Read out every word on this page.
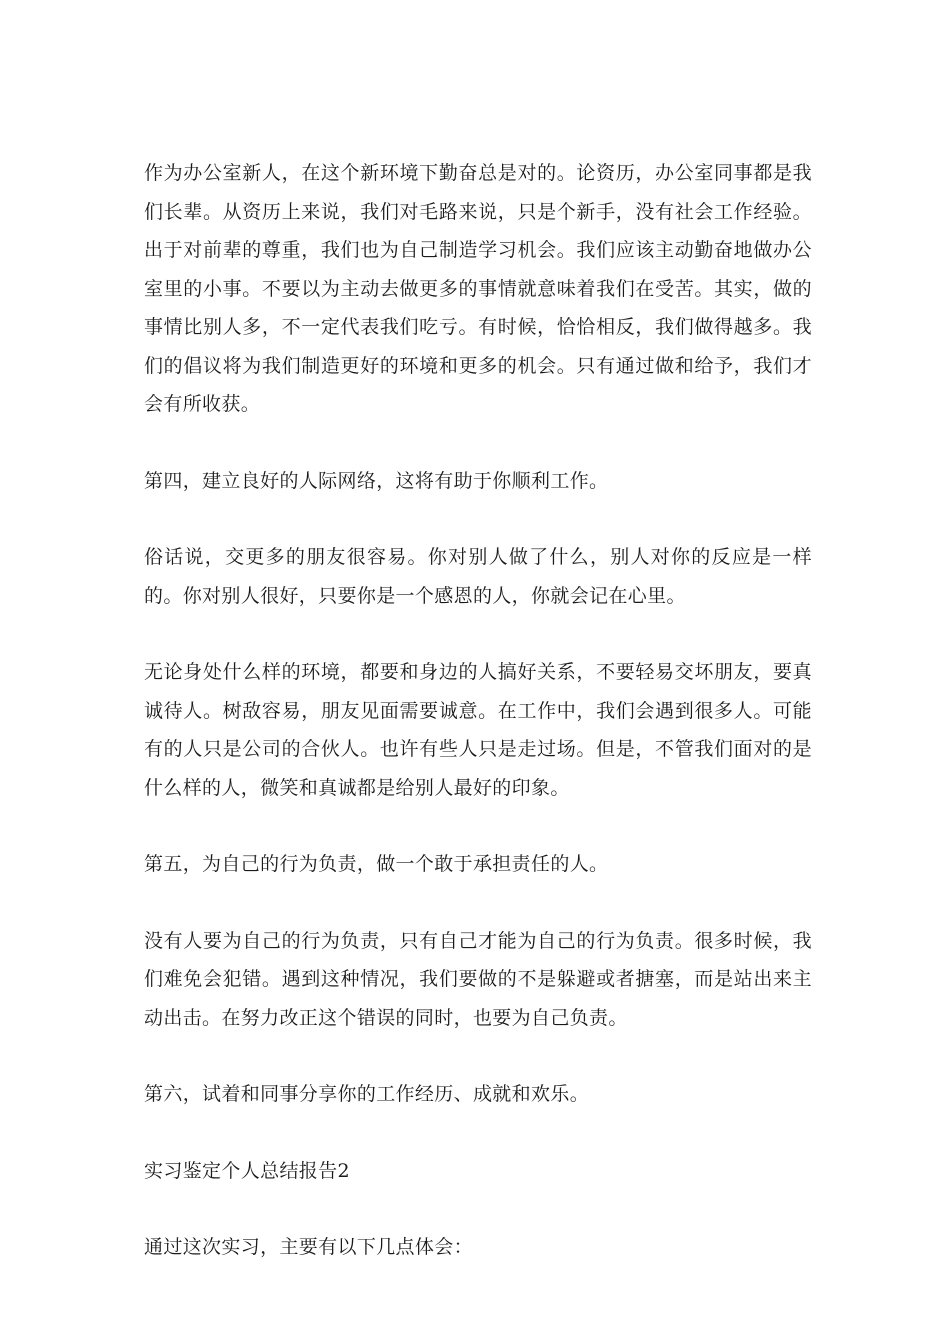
作为办公室新人，在这个新环境下勤奋总是对的。论资历，办公室同事都是我们长辈。从资历上来说，我们对毛路来说，只是个新手，没有社会工作经验。出于对前辈的尊重，我们也为自己制造学习机会。我们应该主动勤奋地做办公室里的小事。不要以为主动去做更多的事情就意味着我们在受苦。其实，做的事情比别人多，不一定代表我们吃亏。有时候，恰恰相反，我们做得越多。我们的倡议将为我们制造更好的环境和更多的机会。只有通过做和给予，我们才会有所收获。

第四，建立良好的人际网络，这将有助于你顺利工作。

俗话说，交更多的朋友很容易。你对别人做了什么，别人对你的反应是一样的。你对别人很好，只要你是一个感恩的人，你就会记在心里。

无论身处什么样的环境，都要和身边的人搞好关系，不要轻易交坏朋友，要真诚待人。树敌容易，朋友见面需要诚意。在工作中，我们会遇到很多人。可能有的人只是公司的合伙人。也许有些人只是走过场。但是，不管我们面对的是什么样的人，微笑和真诚都是给别人最好的印象。

第五，为自己的行为负责，做一个敢于承担责任的人。

没有人要为自己的行为负责，只有自己才能为自己的行为负责。很多时候，我们难免会犯错。遇到这种情况，我们要做的不是躲避或者搪塞，而是站出来主动出击。在努力改正这个错误的同时，也要为自己负责。

第六，试着和同事分享你的工作经历、成就和欢乐。

实习鉴定个人总结报告2

通过这次实习，主要有以下几点体会：
